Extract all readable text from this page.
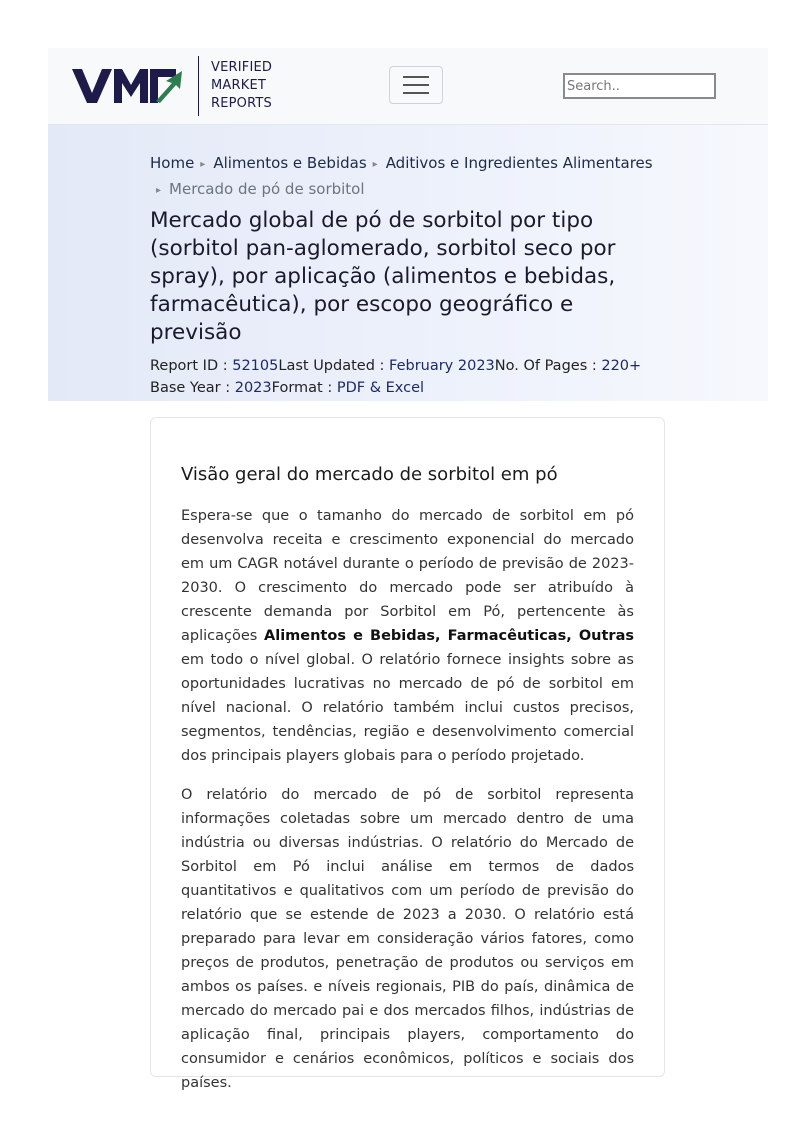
VERIFIED
MARKET
REPORTS
Search..
Home ▸ Alimentos e Bebidas ▸ Aditivos e Ingredientes Alimentares
▸ Mercado de pó de sorbitol
Mercado global de pó de sorbitol por tipo (sorbitol pan-aglomerado, sorbitol seco por spray), por aplicação (alimentos e bebidas, farmacêutica), por escopo geográfico e previsão
Report ID : 52105Last Updated : February 2023No. Of Pages : 220+
Base Year : 2023Format : PDF & Excel
Visão geral do mercado de sorbitol em pó

Espera-se que o tamanho do mercado de sorbitol em pó desenvolva receita e crescimento exponencial do mercado em um CAGR notável durante o período de previsão de 2023-2030. O crescimento do mercado pode ser atribuído à crescente demanda por Sorbitol em Pó, pertencente às aplicações Alimentos e Bebidas, Farmacêuticas, Outras em todo o nível global. O relatório fornece insights sobre as oportunidades lucrativas no mercado de pó de sorbitol em nível nacional. O relatório também inclui custos precisos, segmentos, tendências, região e desenvolvimento comercial dos principais players globais para o período projetado.

O relatório do mercado de pó de sorbitol representa informações coletadas sobre um mercado dentro de uma indústria ou diversas indústrias. O relatório do Mercado de Sorbitol em Pó inclui análise em termos de dados quantitativos e qualitativos com um período de previsão do relatório que se estende de 2023 a 2030. O relatório está preparado para levar em consideração vários fatores, como preços de produtos, penetração de produtos ou serviços em ambos os países. e níveis regionais, PIB do país, dinâmica de mercado do mercado pai e dos mercados filhos, indústrias de aplicação final, principais players, comportamento do consumidor e cenários econômicos, políticos e sociais dos países.
